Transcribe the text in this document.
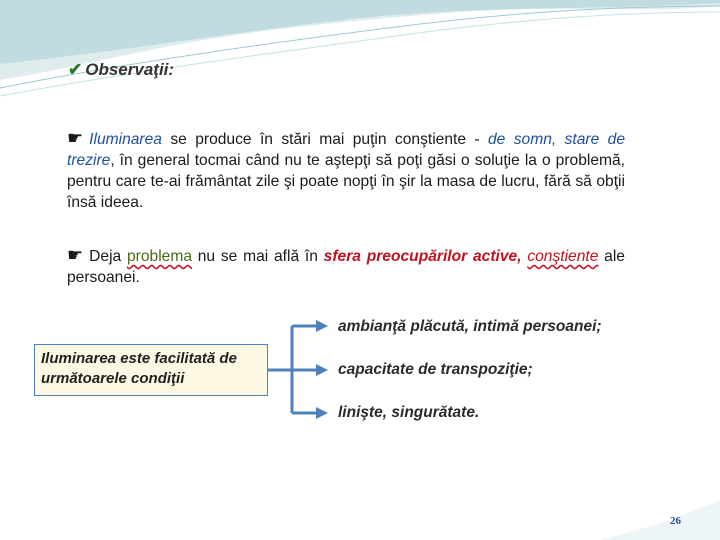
✔ Observaţii:
☛ Iluminarea se produce în stări mai puţin conştiente - de somn, stare de trezire, în general tocmai când nu te aştepţi să poţi găsi o soluţie la o problemă, pentru care te-ai frământat zile şi poate nopţi în şir la masa de lucru, fără să obţii însă ideea.
☛ Deja problema nu se mai află în sfera preocupărilor active, conştiente ale persoanei.
Iluminarea este facilitată de următoarele condiţii
ambianţă plăcută, intimă persoanei;
capacitate de transpoziţie;
linişte, singurătate.
26
